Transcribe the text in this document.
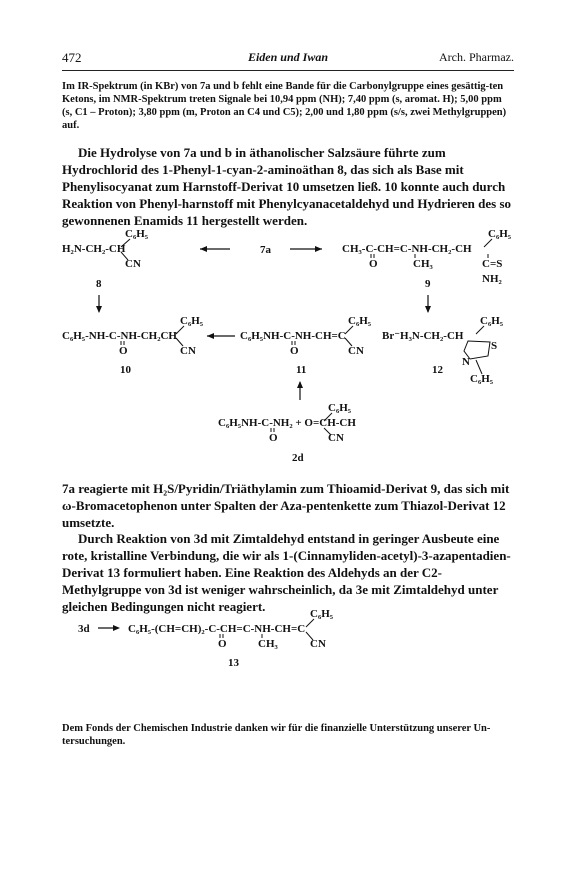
472	Eiden und Iwan	Arch. Pharmaz.
Im IR-Spektrum (in KBr) von 7a und b fehlt eine Bande für die Carbonylgruppe eines gesättig-ten Ketons, im NMR-Spektrum treten Signale bei 10,94 ppm (NH); 7,40 ppm (s, aromat. H); 5,00 ppm (s, C1 – Proton); 3,80 ppm (m, Proton an C4 und C5); 2,00 und 1,80 ppm (s/s, zwei Methylgruppen) auf.
Die Hydrolyse von 7a und b in äthanolischer Salzsäure führte zum Hydrochlorid des 1-Phenyl-1-cyan-2-aminoäthan 8, das sich als Base mit Phenylisocyanat zum Harnstoff-Derivat 10 umsetzen ließ. 10 konnte auch durch Reaktion von Phenyl-harnstoff mit Phenylcyanacetaldehyd und Hydrieren des so gewonnenen Enamids 11 hergestellt werden.
C₆H₅
H₂N-CH₂-CH
CN
8
7a
C₆H₅
CH₃-C-CH=C-NH-CH₂-CH
O	CH₃	C=S
NH₂
9
C₆H₅
C₆H₅-NH-C-NH-CH₂CH
O	CN
10
C₆H₅
C₆H₅NH-C-NH-CH=C
O	CN
11
C₆H₅
Br⁻H₃N-CH₂-CH
S
N
C₆H₅
12
C₆H₅
C₆H₅NH-C-NH₂ + O=CH-CH
O	CN
2d
7a reagierte mit H₂S/Pyridin/Triäthylamin zum Thioamid-Derivat 9, das sich mit ω-Bromacetophenon unter Spalten der Aza-pentenkette zum Thiazol-Derivat 12 umsetzte.
Durch Reaktion von 3d mit Zimtaldehyd entstand in geringer Ausbeute eine rote, kristalline Verbindung, die wir als 1-(Cinnamyliden-acetyl)-3-azapentadien-Derivat 13 formuliert haben. Eine Reaktion des Aldehyds an der C2-Methylgruppe von 3d ist weniger wahrscheinlich, da 3e mit Zimtaldehyd unter gleichen Bedingungen nicht reagiert.	C₆H₅
3d	C₆H₅-(CH=CH)₂-C-CH=C-NH-CH=C
O	CH₃	CN
13
Dem Fonds der Chemischen Industrie danken wir für die finanzielle Unterstützung unserer Un-tersuchungen.
